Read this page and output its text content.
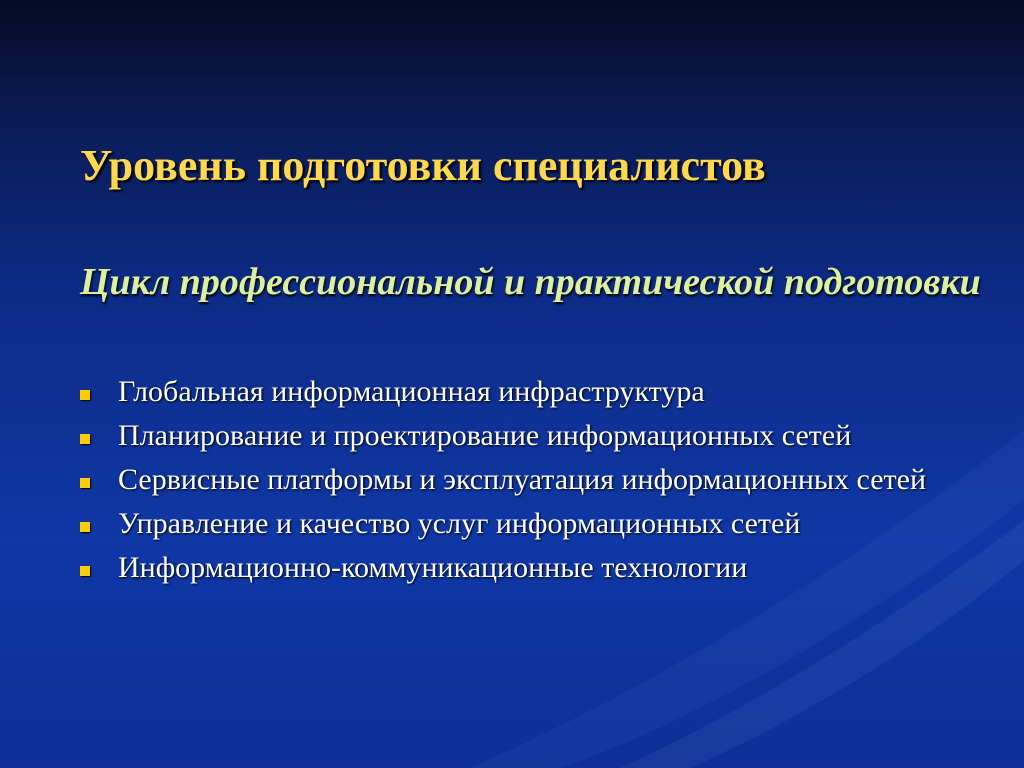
Уровень подготовки специалистов
Цикл профессиональной и практической подготовки
Глобальная информационная инфраструктура
Планирование и проектирование информационных сетей
Сервисные платформы и эксплуатация информационных сетей
Управление и качество услуг информационных сетей
Информационно-коммуникационные технологии
